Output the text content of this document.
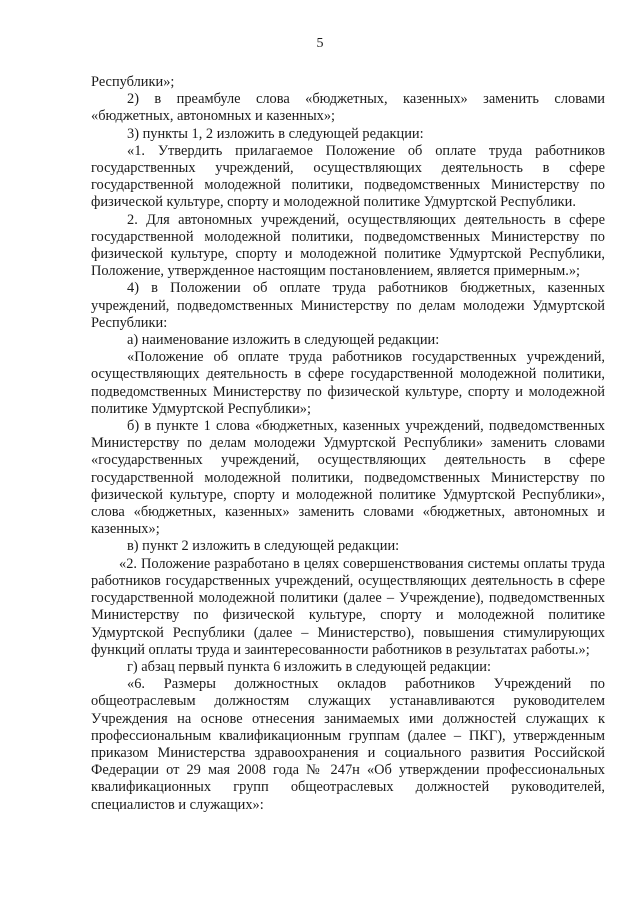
5

Республики»;

2) в преамбуле слова «бюджетных, казенных» заменить словами «бюджетных, автономных и казенных»;

3) пункты 1, 2 изложить в следующей редакции:

«1. Утвердить прилагаемое Положение об оплате труда работников государственных учреждений, осуществляющих деятельность в сфере государственной молодежной политики, подведомственных Министерству по физической культуре, спорту и молодежной политике Удмуртской Республики.

2. Для автономных учреждений, осуществляющих деятельность в сфере государственной молодежной политики, подведомственных Министерству по физической культуре, спорту и молодежной политике Удмуртской Республики, Положение, утвержденное настоящим постановлением, является примерным.»;

4) в Положении об оплате труда работников бюджетных, казенных учреждений, подведомственных Министерству по делам молодежи Удмуртской Республики:

а) наименование изложить в следующей редакции:

«Положение об оплате труда работников государственных учреждений, осуществляющих деятельность в сфере государственной молодежной политики, подведомственных Министерству по физической культуре, спорту и молодежной политике Удмуртской Республики»;

б) в пункте 1 слова «бюджетных, казенных учреждений, подведомственных Министерству по делам молодежи Удмуртской Республики» заменить словами «государственных учреждений, осуществляющих деятельность в сфере государственной молодежной политики, подведомственных Министерству по физической культуре, спорту и молодежной политике Удмуртской Республики», слова «бюджетных, казенных» заменить словами «бюджетных, автономных и казенных»;

в) пункт 2 изложить в следующей редакции:

«2. Положение разработано в целях совершенствования системы оплаты труда работников государственных учреждений, осуществляющих деятельность в сфере государственной молодежной политики (далее – Учреждение), подведомственных Министерству по физической культуре, спорту и молодежной политике Удмуртской Республики (далее – Министерство), повышения стимулирующих функций оплаты труда и заинтересованности работников в результатах работы.»;

г) абзац первый пункта 6 изложить в следующей редакции:

«6. Размеры должностных окладов работников Учреждений по общеотраслевым должностям служащих устанавливаются руководителем Учреждения на основе отнесения занимаемых ими должностей служащих к профессиональным квалификационным группам (далее – ПКГ), утвержденным приказом Министерства здравоохранения и социального развития Российской Федерации от 29 мая 2008 года № 247н «Об утверждении профессиональных квалификационных групп общеотраслевых должностей руководителей, специалистов и служащих»:
